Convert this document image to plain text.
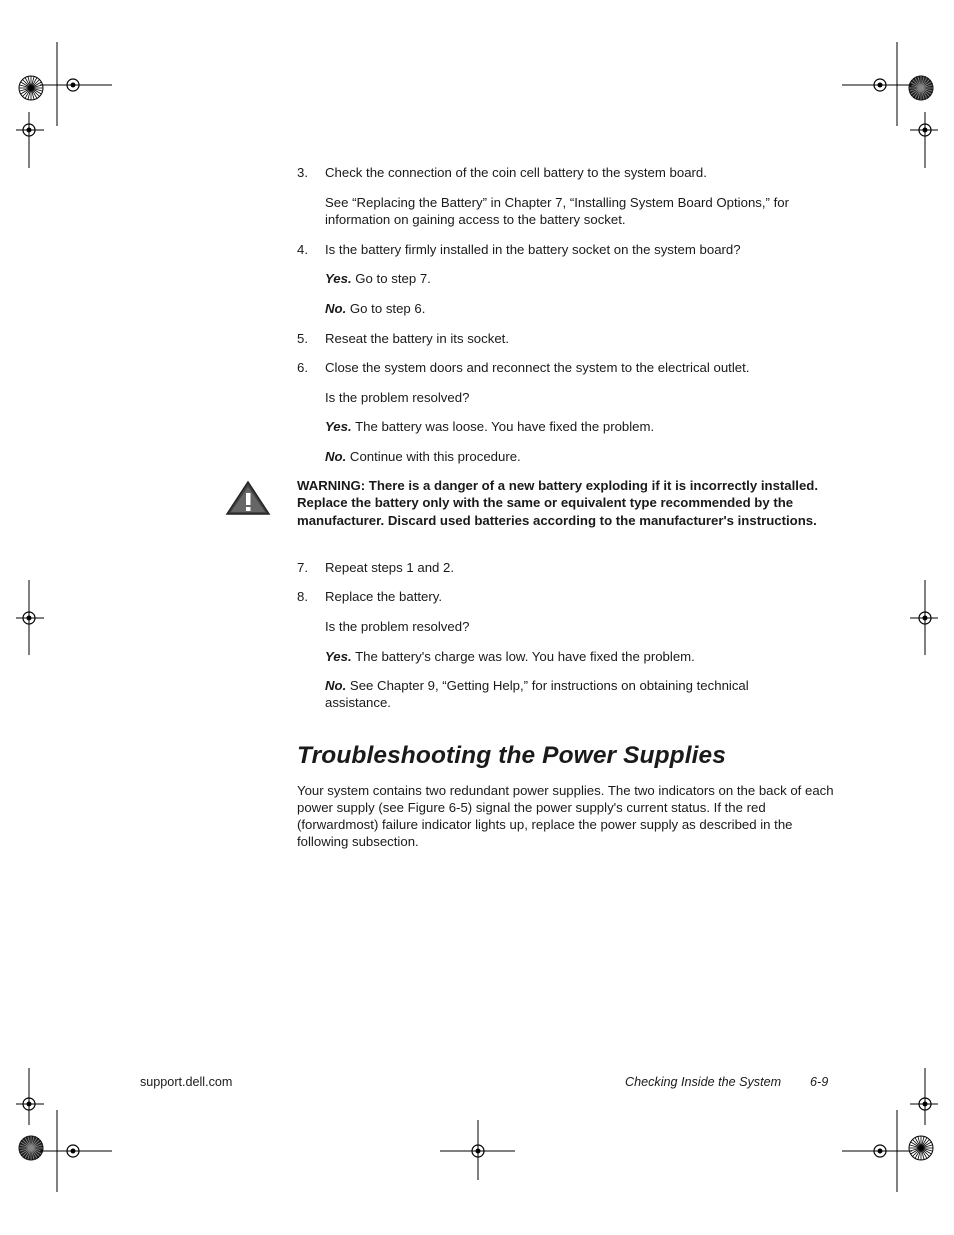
3. Check the connection of the coin cell battery to the system board.
See “Replacing the Battery” in Chapter 7, “Installing System Board Options,” for information on gaining access to the battery socket.
4. Is the battery firmly installed in the battery socket on the system board?
Yes. Go to step 7.
No. Go to step 6.
5. Reseat the battery in its socket.
6. Close the system doors and reconnect the system to the electrical outlet.
Is the problem resolved?
Yes. The battery was loose. You have fixed the problem.
No. Continue with this procedure.
WARNING: There is a danger of a new battery exploding if it is incorrectly installed. Replace the battery only with the same or equivalent type recommended by the manufacturer. Discard used batteries according to the manufacturer's instructions.
7. Repeat steps 1 and 2.
8. Replace the battery.
Is the problem resolved?
Yes. The battery's charge was low. You have fixed the problem.
No. See Chapter 9, “Getting Help,” for instructions on obtaining technical assistance.
Troubleshooting the Power Supplies
Your system contains two redundant power supplies. The two indicators on the back of each power supply (see Figure 6-5) signal the power supply's current status. If the red (forwardmost) failure indicator lights up, replace the power supply as described in the following subsection.
support.dell.com	Checking Inside the System 6-9
